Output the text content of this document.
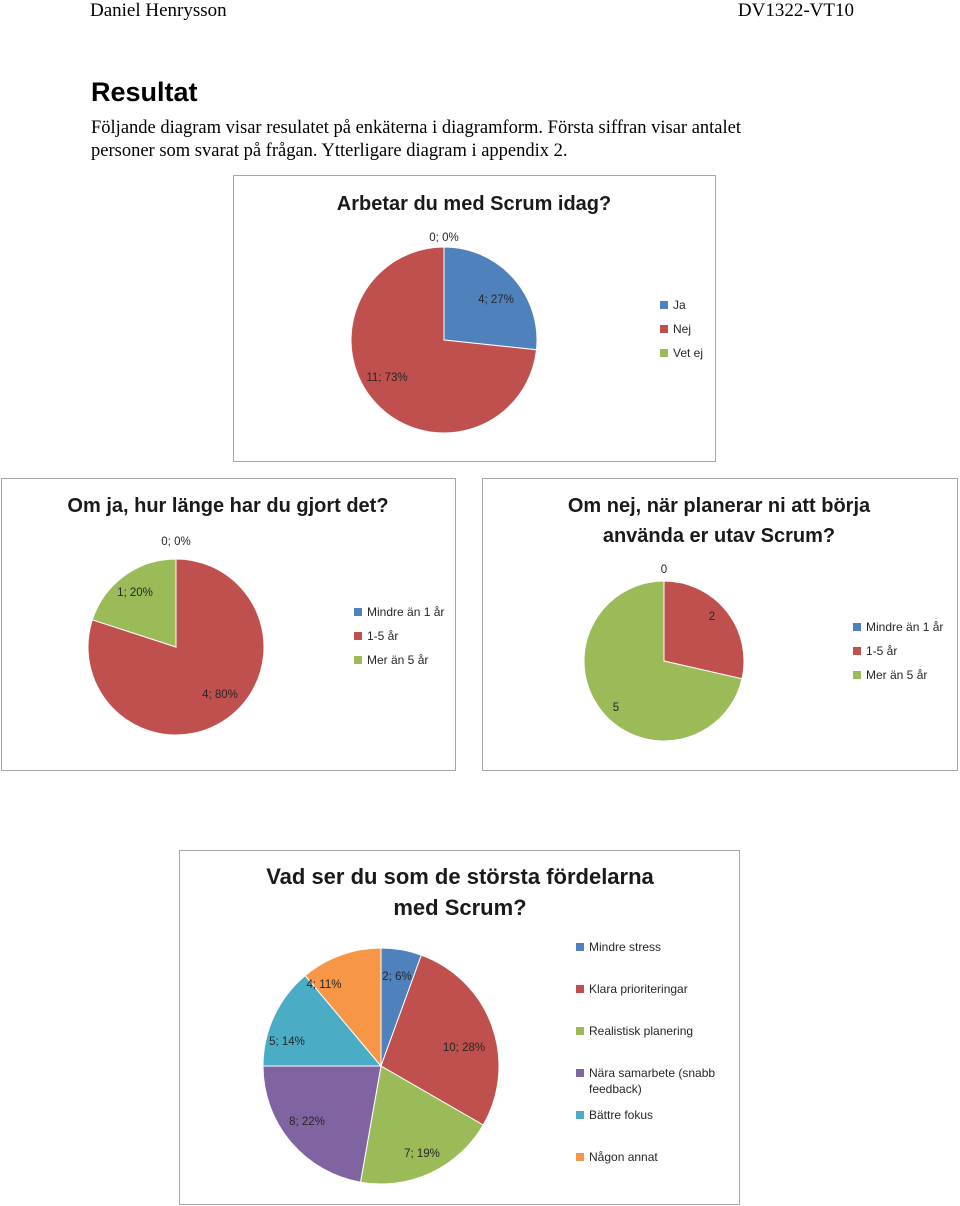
Daniel Henrysson	DV1322-VT10
Resultat

Följande diagram visar resulatet på enkäterna i diagramform. Första siffran visar antalet

personer som svarat på frågan. Ytterligare diagram i appendix 2.

Arbetar du med Scrum idag?
4; 27%
11; 73%
0; 0%
Ja
Nej
Vet ej
Om ja, hur länge har du gjort det?
0; 0%
4; 80%
1; 20%
Mindre än 1 år
1-5 år
Mer än 5 år
Om nej, när planerar ni att börja
använda er utav Scrum?
0
2
5
Mindre än 1 år
1-5 år
Mer än 5 år
Vad ser du som de största fördelarna
med Scrum?
2; 6%
10; 28%
7; 19%
8; 22%
5; 14%
4; 11%
Mindre stress
Klara prioriteringar
Realistisk planering
Nära samarbete (snabb feedback)
Bättre fokus
Någon annat
